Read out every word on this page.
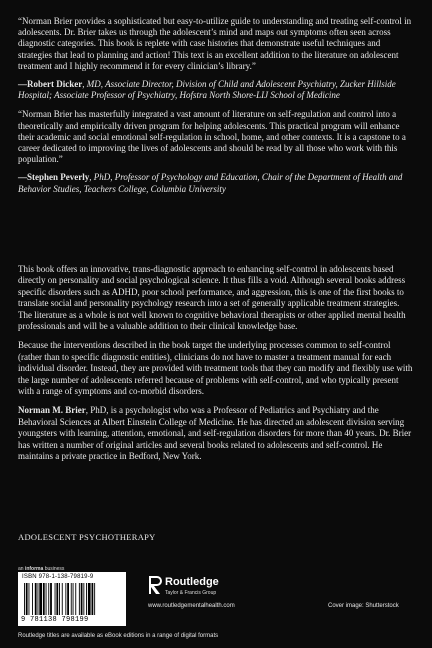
“Norman Brier provides a sophisticated but easy-to-utilize guide to understanding and treating self-control in adolescents. Dr. Brier takes us through the adolescent’s mind and maps out symptoms often seen across diagnostic categories. This book is replete with case histories that demonstrate useful techniques and strategies that lead to planning and action! This text is an excellent addition to the literature on adolescent treatment and I highly recommend it for every clinician’s library.”

—Robert Dicker, MD, Associate Director, Division of Child and Adolescent Psychiatry, Zucker Hillside Hospital; Associate Professor of Psychiatry, Hofstra North Shore-LIJ School of Medicine

“Norman Brier has masterfully integrated a vast amount of literature on self-regulation and control into a theoretically and empirically driven program for helping adolescents. This practical program will enhance their academic and social emotional self-regulation in school, home, and other contexts. It is a capstone to a career dedicated to improving the lives of adolescents and should be read by all those who work with this population.”

—Stephen Peverly, PhD, Professor of Psychology and Education, Chair of the Department of Health and Behavior Studies, Teachers College, Columbia University

This book offers an innovative, trans-diagnostic approach to enhancing self-control in adolescents based directly on personality and social psychological science. It thus fills a void. Although several books address specific disorders such as ADHD, poor school performance, and aggression, this is one of the first books to translate social and personality psychology research into a set of generally applicable treatment strategies. The literature as a whole is not well known to cognitive behavioral therapists or other applied mental health professionals and will be a valuable addition to their clinical knowledge base.

Because the interventions described in the book target the underlying processes common to self-control (rather than to specific diagnostic entities), clinicians do not have to master a treatment manual for each individual disorder. Instead, they are provided with treatment tools that they can modify and flexibly use with the large number of adolescents referred because of problems with self-control, and who typically present with a range of symptoms and co-morbid disorders.

Norman M. Brier, PhD, is a psychologist who was a Professor of Pediatrics and Psychiatry and the Behavioral Sciences at Albert Einstein College of Medicine. He has directed an adolescent division serving youngsters with learning, attention, emotional, and self-regulation disorders for more than 40 years. Dr. Brier has written a number of original articles and several books related to adolescents and self-control. He maintains a private practice in Bedford, New York.

ADOLESCENT PSYCHOTHERAPY
an informa business
ISBN 978-1-138-79819-9
9 781138 798199
Routledge
Taylor & Francis Group
www.routledgementalhealth.com	Cover image: Shutterstock
Routledge titles are available as eBook editions in a range of digital formats
